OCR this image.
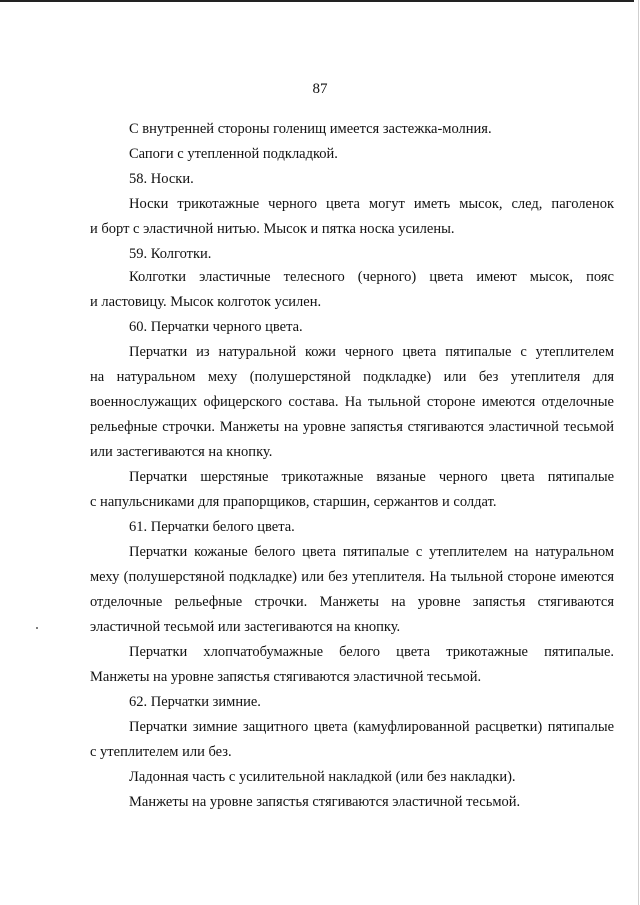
87
С внутренней стороны голенищ имеется застежка-молния.
Сапоги с утепленной подкладкой.
58. Носки.
Носки трикотажные черного цвета могут иметь мысок, след, паголенок
и борт с эластичной нитью. Мысок и пятка носка усилены.
59. Колготки.
Колготки эластичные телесного (черного) цвета имеют мысок, пояс
и ластовицу. Мысок колготок усилен.
60. Перчатки черного цвета.
Перчатки из натуральной кожи черного цвета пятипалые с утеплителем
на натуральном меху (полушерстяной подкладке) или без утеплителя для
военнослужащих офицерского состава. На тыльной стороне имеются отделочные
рельефные строчки. Манжеты на уровне запястья стягиваются эластичной тесьмой
или застегиваются на кнопку.
Перчатки шерстяные трикотажные вязаные черного цвета пятипалые
с напульсниками для прапорщиков, старшин, сержантов и солдат.
61. Перчатки белого цвета.
Перчатки кожаные белого цвета пятипалые с утеплителем на натуральном
меху (полушерстяной подкладке) или без утеплителя. На тыльной стороне имеются
отделочные рельефные строчки. Манжеты на уровне запястья стягиваются
эластичной тесьмой или застегиваются на кнопку.
Перчатки хлопчатобумажные белого цвета трикотажные пятипалые.
Манжеты на уровне запястья стягиваются эластичной тесьмой.
62. Перчатки зимние.
Перчатки зимние защитного цвета (камуфлированной расцветки) пятипалые
с утеплителем или без.
Ладонная часть с усилительной накладкой (или без накладки).
Манжеты на уровне запястья стягиваются эластичной тесьмой.
